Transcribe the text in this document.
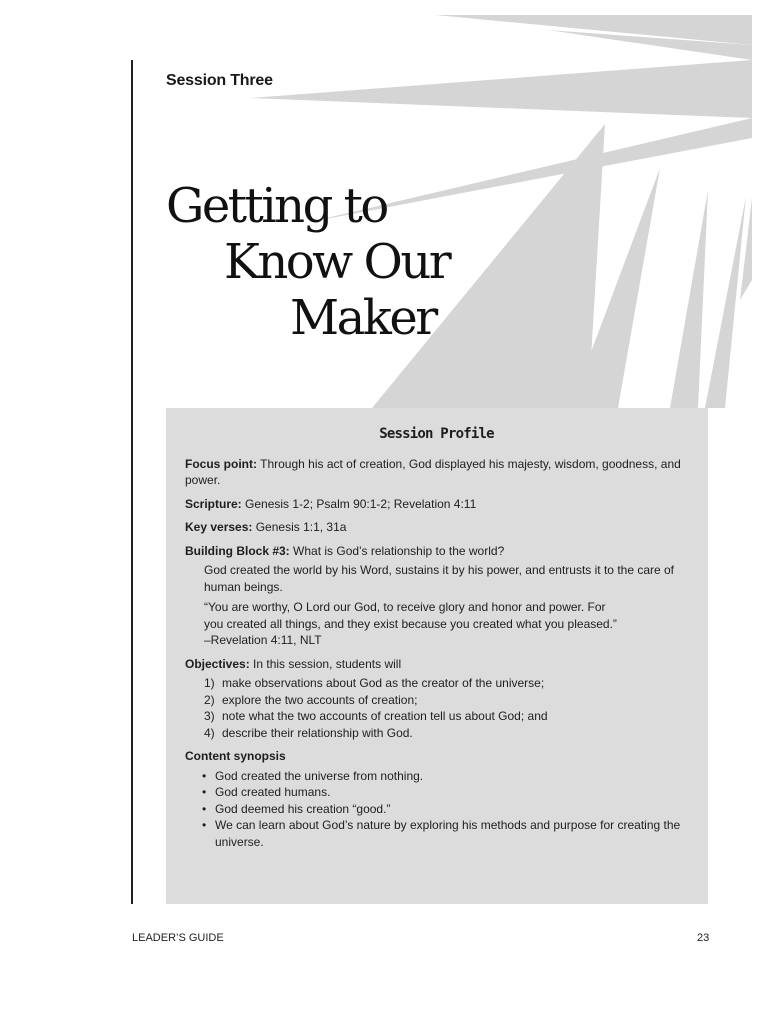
Session Three
Getting to
Know Our
Maker
Session Profile
Focus point: Through his act of creation, God displayed his majesty, wisdom, goodness, and power.
Scripture: Genesis 1-2; Psalm 90:1-2; Revelation 4:11
Key verses: Genesis 1:1, 31a
Building Block #3: What is God’s relationship to the world?
God created the world by his Word, sustains it by his power, and entrusts it to the care of human beings.
“You are worthy, O Lord our God, to receive glory and honor and power. For
you created all things, and they exist because you created what you pleased.”
–Revelation 4:11, NLT
Objectives: In this session, students will
1) make observations about God as the creator of the universe;
2) explore the two accounts of creation;
3) note what the two accounts of creation tell us about God; and
4) describe their relationship with God.
Content synopsis
• God created the universe from nothing.
• God created humans.
• God deemed his creation “good.”
• We can learn about God’s nature by exploring his methods and purpose for creating the universe.
LEADER’S GUIDE	23
